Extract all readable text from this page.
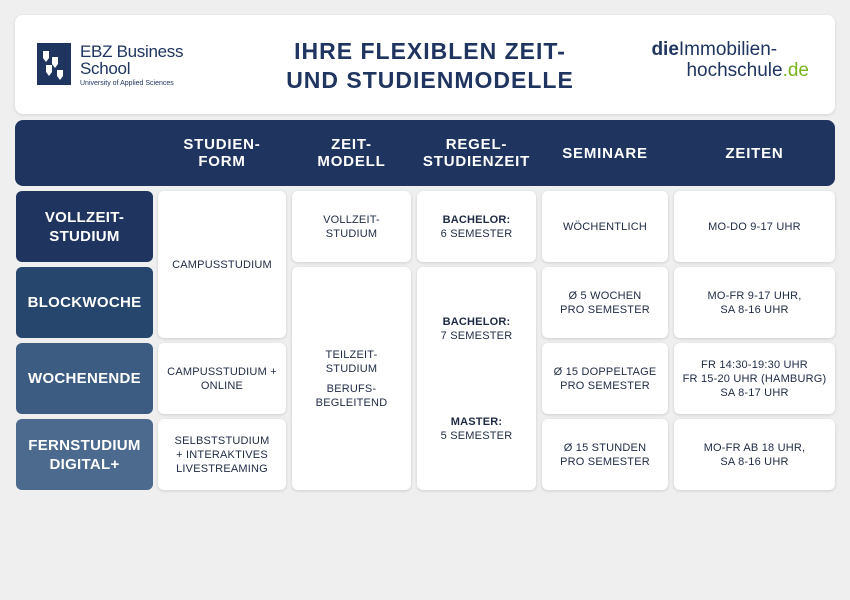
EBZ Business
School
University of Applied Sciences
IHRE FLEXIBLEN ZEIT-
UND STUDIENMODELLE
dieImmobilien-
hochschule.de
STUDIEN-
FORM
ZEIT-
MODELL
REGEL-
STUDIENZEIT SEMINARE	ZEITEN
VOLLZEIT-
STUDIUM
BLOCKWOCHE
WOCHENENDE
FERNSTUDIUM
DIGITAL+
CAMPUSSTUDIUM
CAMPUSSTUDIUM +
ONLINE
SELBSTSTUDIUM
+ INTERAKTIVES
LIVESTREAMING
VOLLZEIT-
STUDIUM
TEILZEIT-
STUDIUM
BERUFS-
BEGLEITEND
BACHELOR:
6 SEMESTER
BACHELOR:
7 SEMESTER
MASTER:
5 SEMESTER
WÖCHENTLICH
Ø 5 WOCHEN
PRO SEMESTER
Ø 15 DOPPELTAGE
PRO SEMESTER
Ø 15 STUNDEN
PRO SEMESTER
MO-DO 9-17 UHR
MO-FR 9-17 UHR,
SA 8-16 UHR
FR 14:30-19:30 UHR
FR 15-20 UHR (HAMBURG)
SA 8-17 UHR
MO-FR AB 18 UHR,
SA 8-16 UHR
